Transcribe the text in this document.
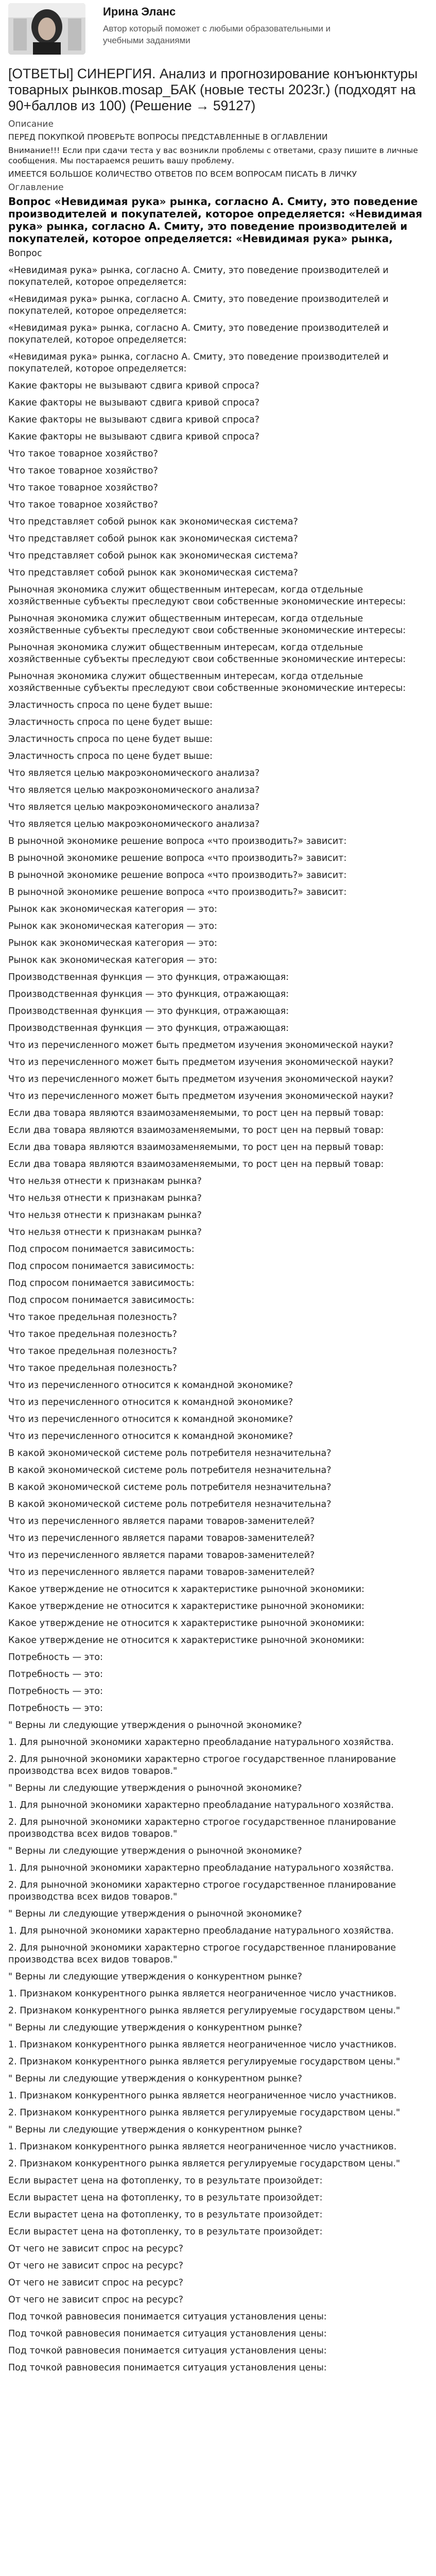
Ирина Эланс

Автор который поможет с любыми образовательными и учебными заданиями

[ОТВЕТЫ] СИНЕРГИЯ. Анализ и прогнозирование конъюнктуры товарных рынков.mosap_БАК (новые тесты 2023г.) (подходят на 90+баллов из 100) (Решение → 59127)
Описание

ПЕРЕД ПОКУПКОЙ ПРОВЕРЬТЕ ВОПРОСЫ ПРЕДСТАВЛЕННЫЕ В ОГЛАВЛЕНИИ

Внимание!!! Если при сдачи теста у вас возникли проблемы с ответами, сразу пишите в личные сообщения. Мы постараемся решить вашу проблему.

ИМЕЕТСЯ БОЛЬШОЕ КОЛИЧЕСТВО ОТВЕТОВ ПО ВСЕМ ВОПРОСАМ ПИСАТЬ В ЛИЧКУ

Оглавление

Вопрос «Невидимая рука» рынка, согласно А. Смиту, это поведение производителей и покупателей, которое определяется: «Невидимая рука» рынка, согласно А. Смиту, это поведение производителей и покупателей, которое определяется: «Невидимая рука» рынка,

Вопрос
«Невидимая рука» рынка, согласно А. Смиту, это поведение производителей и покупателей, которое определяется:
«Невидимая рука» рынка, согласно А. Смиту, это поведение производителей и покупателей, которое определяется:
«Невидимая рука» рынка, согласно А. Смиту, это поведение производителей и покупателей, которое определяется:
«Невидимая рука» рынка, согласно А. Смиту, это поведение производителей и покупателей, которое определяется:
Какие факторы не вызывают сдвига кривой спроса?
Какие факторы не вызывают сдвига кривой спроса?
Какие факторы не вызывают сдвига кривой спроса?
Какие факторы не вызывают сдвига кривой спроса?
Что такое товарное хозяйство?
Что такое товарное хозяйство?
Что такое товарное хозяйство?
Что такое товарное хозяйство?
Что представляет собой рынок как экономическая система?
Что представляет собой рынок как экономическая система?
Что представляет собой рынок как экономическая система?
Что представляет собой рынок как экономическая система?
Рыночная экономика служит общественным интересам, когда отдельные хозяйственные субъекты преследуют свои собственные экономические интересы:
Рыночная экономика служит общественным интересам, когда отдельные хозяйственные субъекты преследуют свои собственные экономические интересы:
Рыночная экономика служит общественным интересам, когда отдельные хозяйственные субъекты преследуют свои собственные экономические интересы:
Рыночная экономика служит общественным интересам, когда отдельные хозяйственные субъекты преследуют свои собственные экономические интересы:
Эластичность спроса по цене будет выше:
Эластичность спроса по цене будет выше:
Эластичность спроса по цене будет выше:
Эластичность спроса по цене будет выше:
Что является целью макроэкономического анализа?
Что является целью макроэкономического анализа?
Что является целью макроэкономического анализа?
Что является целью макроэкономического анализа?
В рыночной экономике решение вопроса «что производить?» зависит:
В рыночной экономике решение вопроса «что производить?» зависит:
В рыночной экономике решение вопроса «что производить?» зависит:
В рыночной экономике решение вопроса «что производить?» зависит:
Рынок как экономическая категория — это:
Рынок как экономическая категория — это:
Рынок как экономическая категория — это:
Рынок как экономическая категория — это:
Производственная функция — это функция, отражающая:
Производственная функция — это функция, отражающая:
Производственная функция — это функция, отражающая:
Производственная функция — это функция, отражающая:
Что из перечисленного может быть предметом изучения экономической науки?
Что из перечисленного может быть предметом изучения экономической науки?
Что из перечисленного может быть предметом изучения экономической науки?
Что из перечисленного может быть предметом изучения экономической науки?
Если два товара являются взаимозаменяемыми, то рост цен на первый товар:
Если два товара являются взаимозаменяемыми, то рост цен на первый товар:
Если два товара являются взаимозаменяемыми, то рост цен на первый товар:
Если два товара являются взаимозаменяемыми, то рост цен на первый товар:
Что нельзя отнести к признакам рынка?
Что нельзя отнести к признакам рынка?
Что нельзя отнести к признакам рынка?
Что нельзя отнести к признакам рынка?
Под спросом понимается зависимость:
Под спросом понимается зависимость:
Под спросом понимается зависимость:
Под спросом понимается зависимость:
Что такое предельная полезность?
Что такое предельная полезность?
Что такое предельная полезность?
Что такое предельная полезность?
Что из перечисленного относится к командной экономике?
Что из перечисленного относится к командной экономике?
Что из перечисленного относится к командной экономике?
Что из перечисленного относится к командной экономике?
В какой экономической системе роль потребителя незначительна?
В какой экономической системе роль потребителя незначительна?
В какой экономической системе роль потребителя незначительна?
В какой экономической системе роль потребителя незначительна?
Что из перечисленного является парами товаров-заменителей?
Что из перечисленного является парами товаров-заменителей?
Что из перечисленного является парами товаров-заменителей?
Что из перечисленного является парами товаров-заменителей?
Какое утверждение не относится к характеристике рыночной экономики:
Какое утверждение не относится к характеристике рыночной экономики:
Какое утверждение не относится к характеристике рыночной экономики:
Какое утверждение не относится к характеристике рыночной экономики:
Потребность — это:
Потребность — это:
Потребность — это:
Потребность — это:
" Верны ли следующие утверждения о рыночной экономике?
1. Для рыночной экономики характерно преобладание натурального хозяйства.
2. Для рыночной экономики характерно строгое государственное планирование производства всех видов товаров."
" Верны ли следующие утверждения о рыночной экономике?
1. Для рыночной экономики характерно преобладание натурального хозяйства.
2. Для рыночной экономики характерно строгое государственное планирование производства всех видов товаров."
" Верны ли следующие утверждения о рыночной экономике?
1. Для рыночной экономики характерно преобладание натурального хозяйства.
2. Для рыночной экономики характерно строгое государственное планирование производства всех видов товаров."
" Верны ли следующие утверждения о рыночной экономике?
1. Для рыночной экономики характерно преобладание натурального хозяйства.
2. Для рыночной экономики характерно строгое государственное планирование производства всех видов товаров."
" Верны ли следующие утверждения о конкурентном рынке?
1. Признаком конкурентного рынка является неограниченное число участников.
2. Признаком конкурентного рынка является регулируемые государством цены."
" Верны ли следующие утверждения о конкурентном рынке?
1. Признаком конкурентного рынка является неограниченное число участников.
2. Признаком конкурентного рынка является регулируемые государством цены."
" Верны ли следующие утверждения о конкурентном рынке?
1. Признаком конкурентного рынка является неограниченное число участников.
2. Признаком конкурентного рынка является регулируемые государством цены."
" Верны ли следующие утверждения о конкурентном рынке?
1. Признаком конкурентного рынка является неограниченное число участников.
2. Признаком конкурентного рынка является регулируемые государством цены."
Если вырастет цена на фотопленку, то в результате произойдет:
Если вырастет цена на фотопленку, то в результате произойдет:
Если вырастет цена на фотопленку, то в результате произойдет:
Если вырастет цена на фотопленку, то в результате произойдет:
От чего не зависит спрос на ресурс?
От чего не зависит спрос на ресурс?
От чего не зависит спрос на ресурс?
От чего не зависит спрос на ресурс?
Под точкой равновесия понимается ситуация установления цены:
Под точкой равновесия понимается ситуация установления цены:
Под точкой равновесия понимается ситуация установления цены:
Под точкой равновесия понимается ситуация установления цены:
